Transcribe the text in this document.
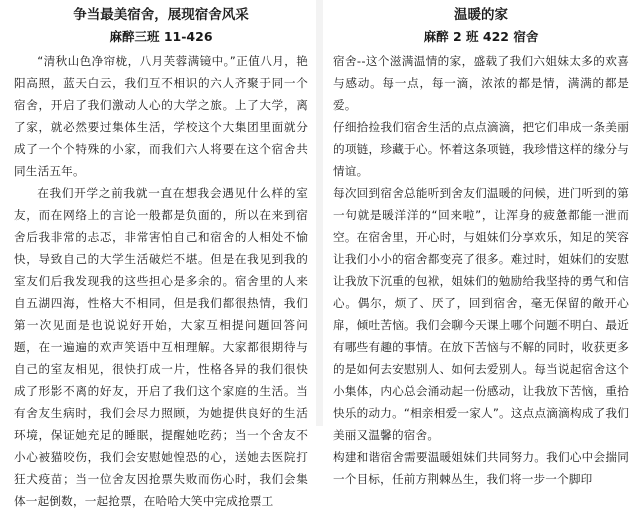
争当最美宿舍，展现宿舍风采
麻醉三班 11-426

“清秋山色净帘栊，八月芙蓉满镜中。”正值八月，艳阳高照，蓝天白云，我们互不相识的六人齐聚于同一个宿舍，开启了我们激动人心的大学之旅。上了大学，离了家，就必然要过集体生活，学校这个大集团里面就分成了一个个特殊的小家，而我们六人将要在这个宿舍共同生活五年。

在我们开学之前我就一直在想我会遇见什么样的室友，而在网络上的言论一般都是负面的，所以在来到宿舍后我非常的忐忑，非常害怕自己和宿舍的人相处不愉快，导致自己的大学生活破烂不堪。但是在我见到我的室友们后我发现我的这些担心是多余的。宿舍里的人来自五湖四海，性格大不相同，但是我们都很热情，我们第一次见面是也说说好开始，大家互相提问题回答问题，在一遍遍的欢声笑语中互相理解。大家都很期待与自己的室友相见，很快打成一片，性格各异的我们很快成了形影不离的好友，开启了我们这个家庭的生活。当有舍友生病时，我们会尽力照顾，为她提供良好的生活环境，保证她充足的睡眠，提醒她吃药；当一个舍友不小心被猫咬伤，我们会安慰她惶恐的心，送她去医院打狂犬疫苗；当一位舍友因抢票失败而伤心时，我们会集体一起倒数，一起抢票，在哈哈大笑中完成抢票工

温暖的家
麻醉 2 班 422 宿舍

宿舍--这个滋满温情的家，盛载了我们六姐妹太多的欢喜与感动。每一点，每一滴，浓浓的都是情，满满的都是爱。

仔细拾捡我们宿舍生活的点点滴滴，把它们串成一条美丽的项链，珍藏于心。怀着这条项链，我珍惜这样的缘分与情谊。

每次回到宿舍总能听到舍友们温暖的问候，进门听到的第一句就是暖洋洋的“回来啦”，让浑身的疲惫都能一泄而空。在宿舍里，开心时，与姐妹们分享欢乐，知足的笑容让我们小小的宿舍都变亮了很多。难过时，姐妹们的安慰让我放下沉重的包袱，姐妹们的勉励给我坚持的勇气和信心。偶尔，烦了、厌了，回到宿舍，毫无保留的敞开心扉，倾吐苦恼。我们会聊今天课上哪个问题不明白、最近有哪些有趣的事情。在放下苦恼与不解的同时，收获更多的是如何去安慰别人、如何去爱别人。每当说起宿舍这个小集体，内心总会涌动起一份感动，让我放下苦恼，重拾快乐的动力。“相亲相爱一家人”。这点点滴滴构成了我们美丽又温馨的宿舍。

构建和谐宿舍需要温暖姐妹们共同努力。我们心中会揣同一个目标，任前方荆棘丛生，我们将一步一个脚印
